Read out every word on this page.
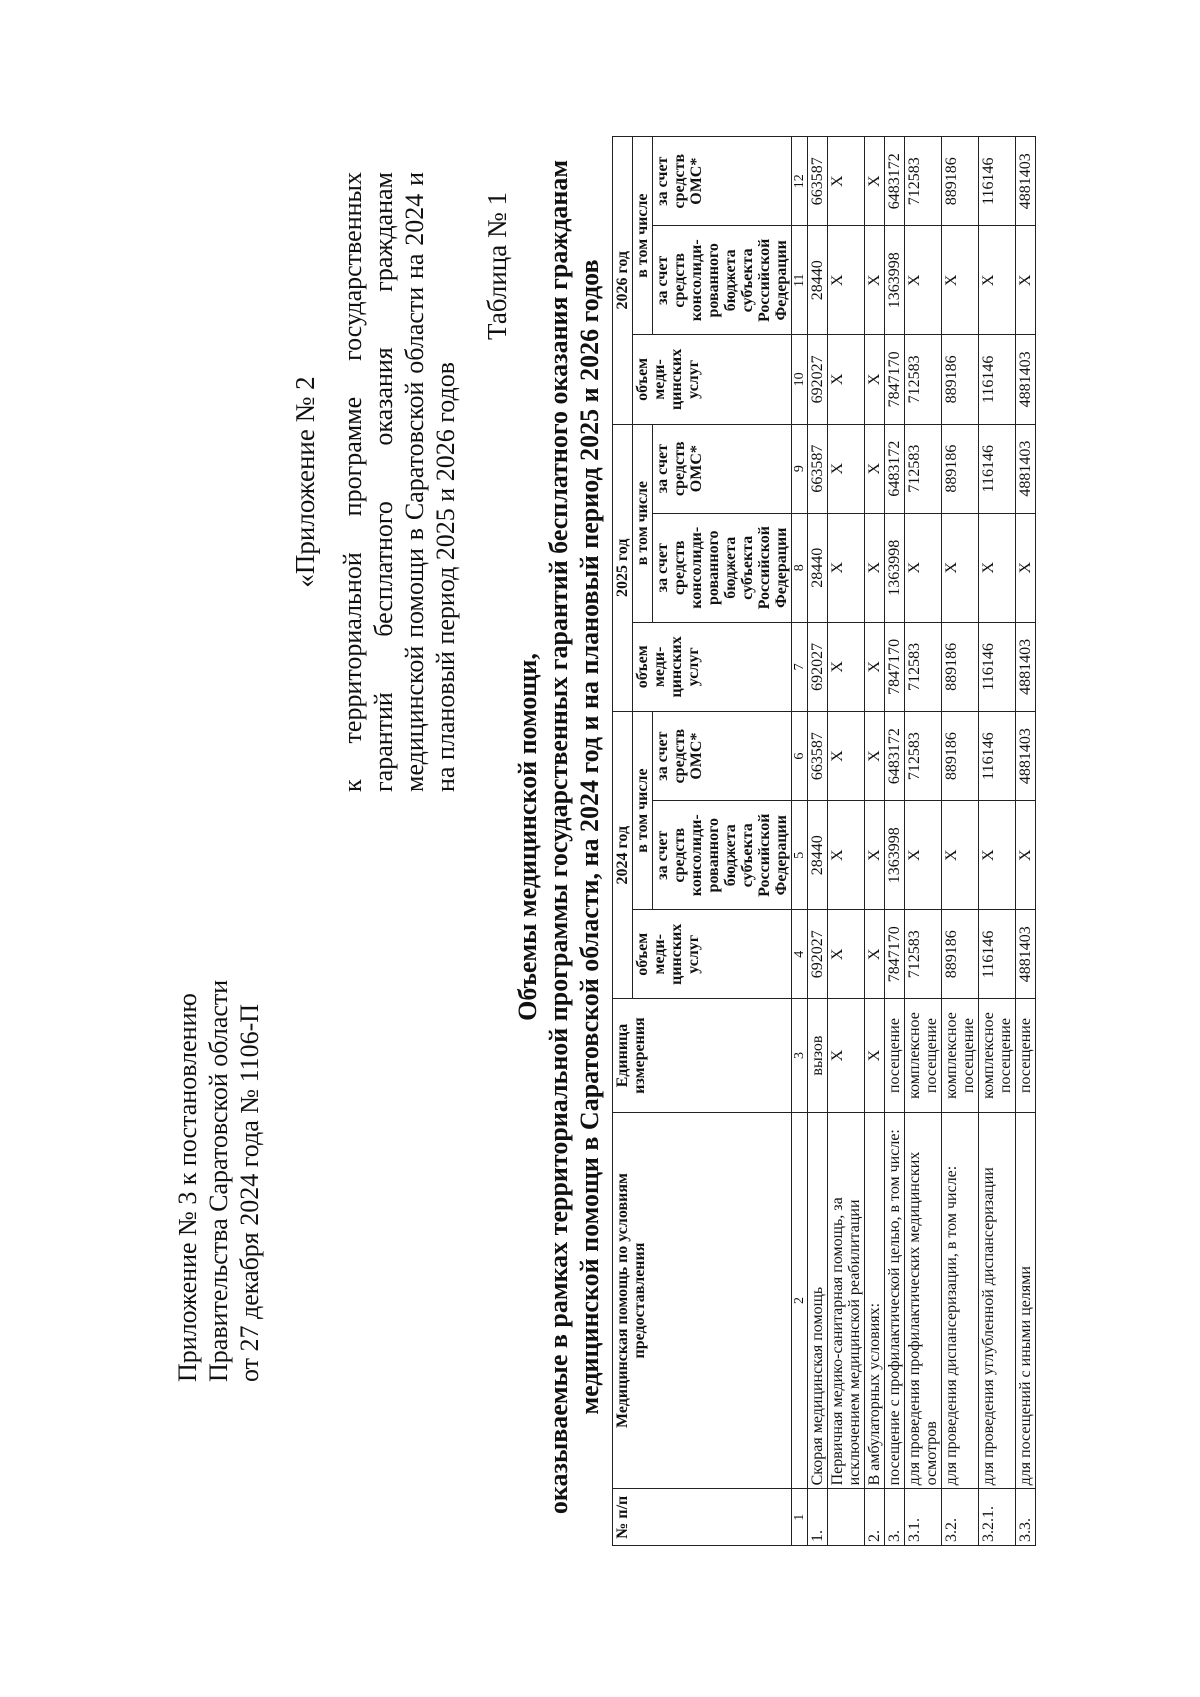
Приложение № 3 к постановлению Правительства Саратовской области от 27 декабря 2024 года № 1106-П
«Приложение № 2 к территориальной программе государственных гарантий бесплатного оказания гражданам медицинской помощи в Саратовской области на 2024 и на плановый период 2025 и 2026 годов
Таблица № 1
Объемы медицинской помощи, оказываемые в рамках территориальной программы государственных гарантий бесплатного оказания гражданам медицинской помощи в Саратовской области, на 2024 год и на плановый период 2025 и 2026 годов
№ п/п	Медицинская помощь по условиям предоставления	Единица измерения	2024 год			2025 год			2026 год		
			объем меди-цинских услуг	в том числе		объем меди-цинских услуг	в том числе		объем меди-цинских услуг	в том числе	
				за счет средств консолиди-рованного бюджета субъекта Российской Федерации	за счет средств ОМС*		за счет средств консолиди-рованного бюджета субъекта Российской Федерации	за счет средств ОМС*		за счет средств консолиди-рованного бюджета субъекта Российской Федерации	за счет средств ОМС*
1	2	3	4	5	6	7	8	9	10	11	12
1.	Скорая медицинская помощь	вызов	692027	28440	663587	692027	28440	663587	692027	28440	663587
	Первичная медико-санитарная помощь, за исключением медицинской реабилитации	X	X	X	X	X	X	X	X	X	X
2.	В амбулаторных условиях:	X	X	X	X	X	X	X	X	X	X
3.	посещение с профилактической целью, в том числе:	посещение	7847170	1363998	6483172	7847170	1363998	6483172	7847170	1363998	6483172
3.1.	для проведения профилактических медицинских осмотров	комплексное посещение	712583	X	712583	712583	X	712583	712583	X	712583
3.2.	для проведения диспансеризации, в том числе:	комплексное посещение	889186	X	889186	889186	X	889186	889186	X	889186
3.2.1.	для проведения углубленной диспансеризации	комплексное посещение	116146	X	116146	116146	X	116146	116146	X	116146
3.3.	для посещений с иными целями	посещение	4881403	X	4881403	4881403	X	4881403	4881403	X	4881403
